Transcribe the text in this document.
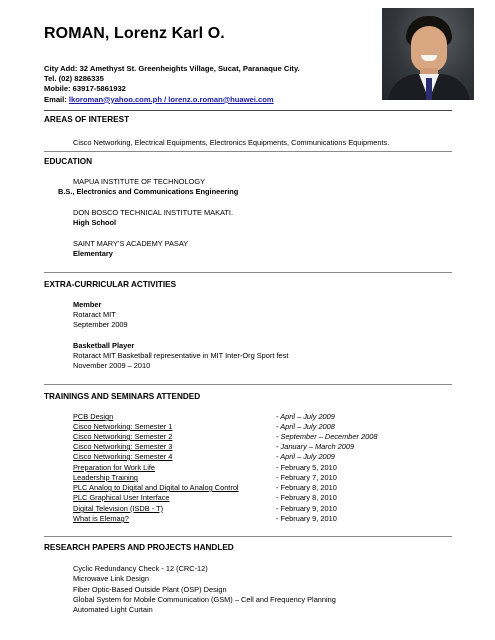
ROMAN, Lorenz Karl O.
City Add: 32 Amethyst St. Greenheights Village, Sucat, Paranaque City.
Tel. (02) 8286335
Mobile: 63917-5861932
Email: lkoroman@yahoo.com.ph / lorenz.o.roman@huawei.com
AREAS OF INTEREST
Cisco Networking, Electrical Equipments, Electronics Equipments, Communications Equipments.
EDUCATION
MAPUA INSTITUTE OF TECHNOLOGY
B.S., Electronics and Communications Engineering
DON BOSCO TECHNICAL INSTITUTE MAKATI.
High School
SAINT MARY’S ACADEMY PASAY
Elementary
EXTRA-CURRICULAR ACTIVITIES
Member
Rotaract MIT
September 2009
Basketball Player
Rotaract MIT Basketball representative in MIT Inter-Org Sport fest
November 2009 – 2010
TRAININGS AND SEMINARS ATTENDED
PCB Design	- April – July 2009
Cisco Networking: Semester 1	- April – July 2008
Cisco Networking: Semester 2	- September – December 2008
Cisco Networking: Semester 3	- January – March 2009
Cisco Networking: Semester 4	- April – July 2009
Preparation for Work Life	- February 5, 2010
Leadership Training	- February 7, 2010
PLC Analog to Digital and Digital to Analog Control	- February 8, 2010
PLC Graphical User Interface	- February 8, 2010
Digital Television (ISDB - T)	- February 9, 2010
What is Elemag?	- February 9, 2010
RESEARCH PAPERS AND PROJECTS HANDLED
Cyclic Redundancy Check - 12 (CRC-12)
Microwave Link Design
Fiber Optic-Based Outside Plant (OSP) Design
Global System for Mobile Communication (GSM) – Cell and Frequency Planning
Automated Light Curtain
